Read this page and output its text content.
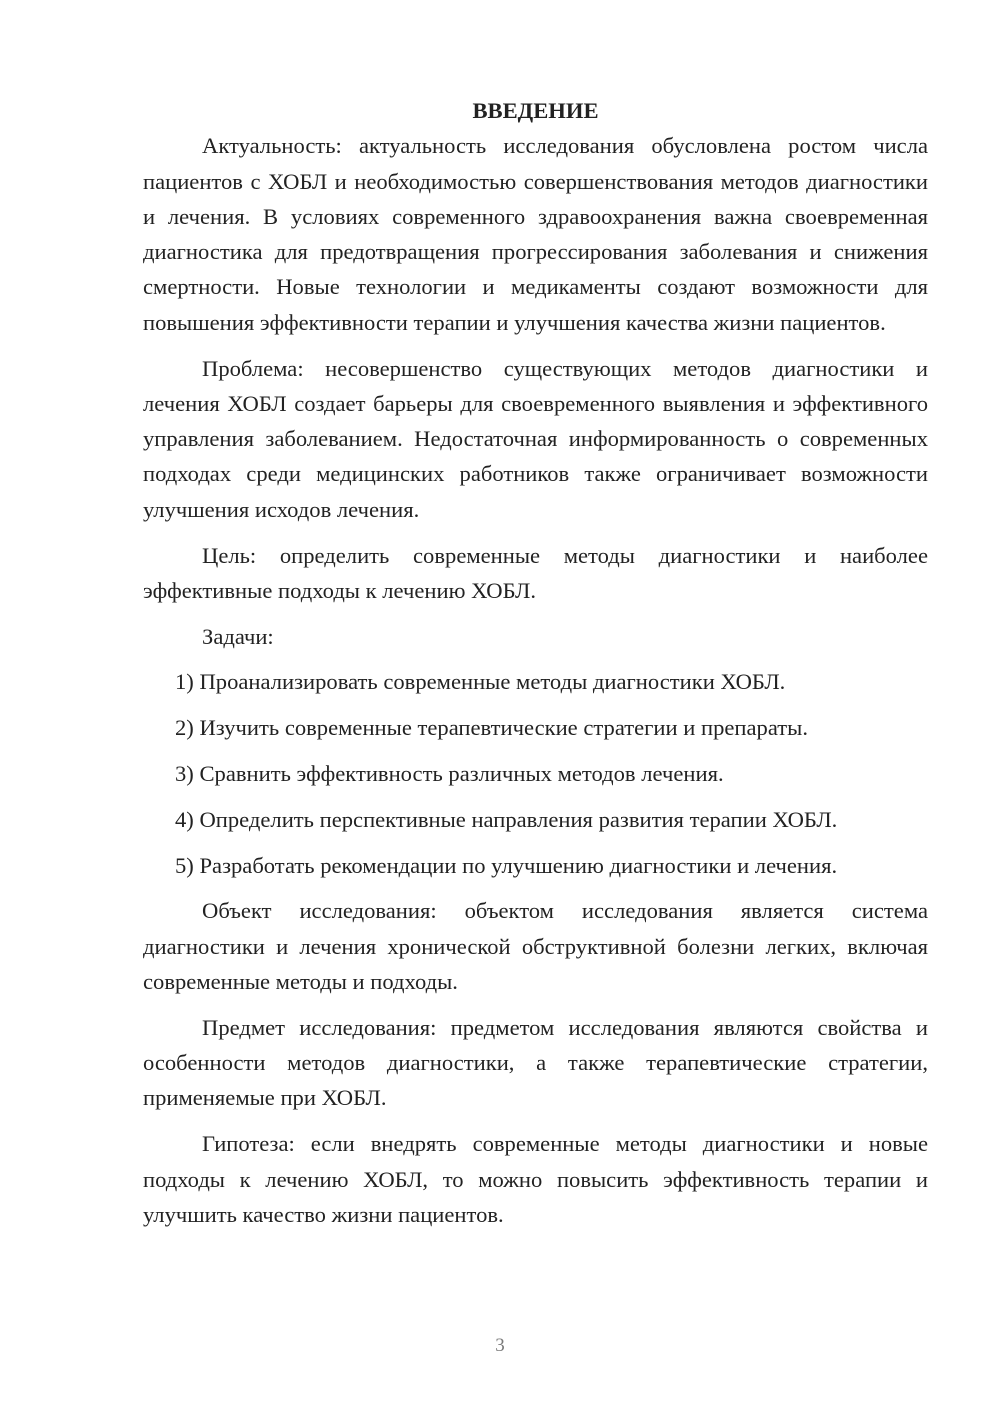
ВВЕДЕНИЕ

Актуальность: актуальность исследования обусловлена ростом числа пациентов с ХОБЛ и необходимостью совершенствования методов диагностики и лечения. В условиях современного здравоохранения важна своевременная диагностика для предотвращения прогрессирования заболевания и снижения смертности. Новые технологии и медикаменты создают возможности для повышения эффективности терапии и улучшения качества жизни пациентов.

Проблема: несовершенство существующих методов диагностики и лечения ХОБЛ создает барьеры для своевременного выявления и эффективного управления заболеванием. Недостаточная информированность о современных подходах среди медицинских работников также ограничивает возможности улучшения исходов лечения.

Цель: определить современные методы диагностики и наиболее эффективные подходы к лечению ХОБЛ.

Задачи:

1) Проанализировать современные методы диагностики ХОБЛ.
2) Изучить современные терапевтические стратегии и препараты.
3) Сравнить эффективность различных методов лечения.
4) Определить перспективные направления развития терапии ХОБЛ.
5) Разработать рекомендации по улучшению диагностики и лечения.

Объект исследования: объектом исследования является система диагностики и лечения хронической обструктивной болезни легких, включая современные методы и подходы.

Предмет исследования: предметом исследования являются свойства и особенности методов диагностики, а также терапевтические стратегии, применяемые при ХОБЛ.

Гипотеза: если внедрять современные методы диагностики и новые подходы к лечению ХОБЛ, то можно повысить эффективность терапии и улучшить качество жизни пациентов.

3
